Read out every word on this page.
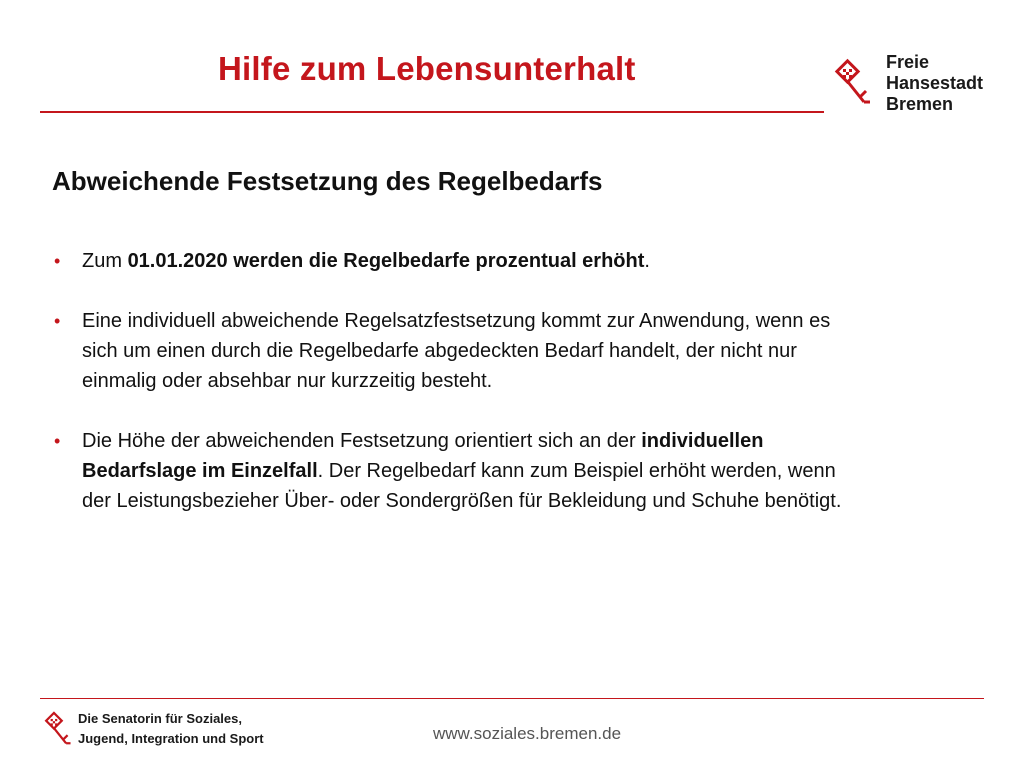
Hilfe zum Lebensunterhalt	Freie
Hansestadt
Bremen
Abweichende Festsetzung des Regelbedarfs
• Zum 01.01.2020 werden die Regelbedarfe prozentual erhöht.
• Eine individuell abweichende Regelsatzfestsetzung kommt zur Anwendung, wenn es sich um einen durch die Regelbedarfe abgedeckten Bedarf handelt, der nicht nur einmalig oder absehbar nur kurzzeitig besteht.
• Die Höhe der abweichenden Festsetzung orientiert sich an der individuellen Bedarfslage im Einzelfall. Der Regelbedarf kann zum Beispiel erhöht werden, wenn der Leistungsbezieher Über- oder Sondergrößen für Bekleidung und Schuhe benötigt.
Die Senatorin für Soziales,
Jugend, Integration und Sport	www.soziales.bremen.de
